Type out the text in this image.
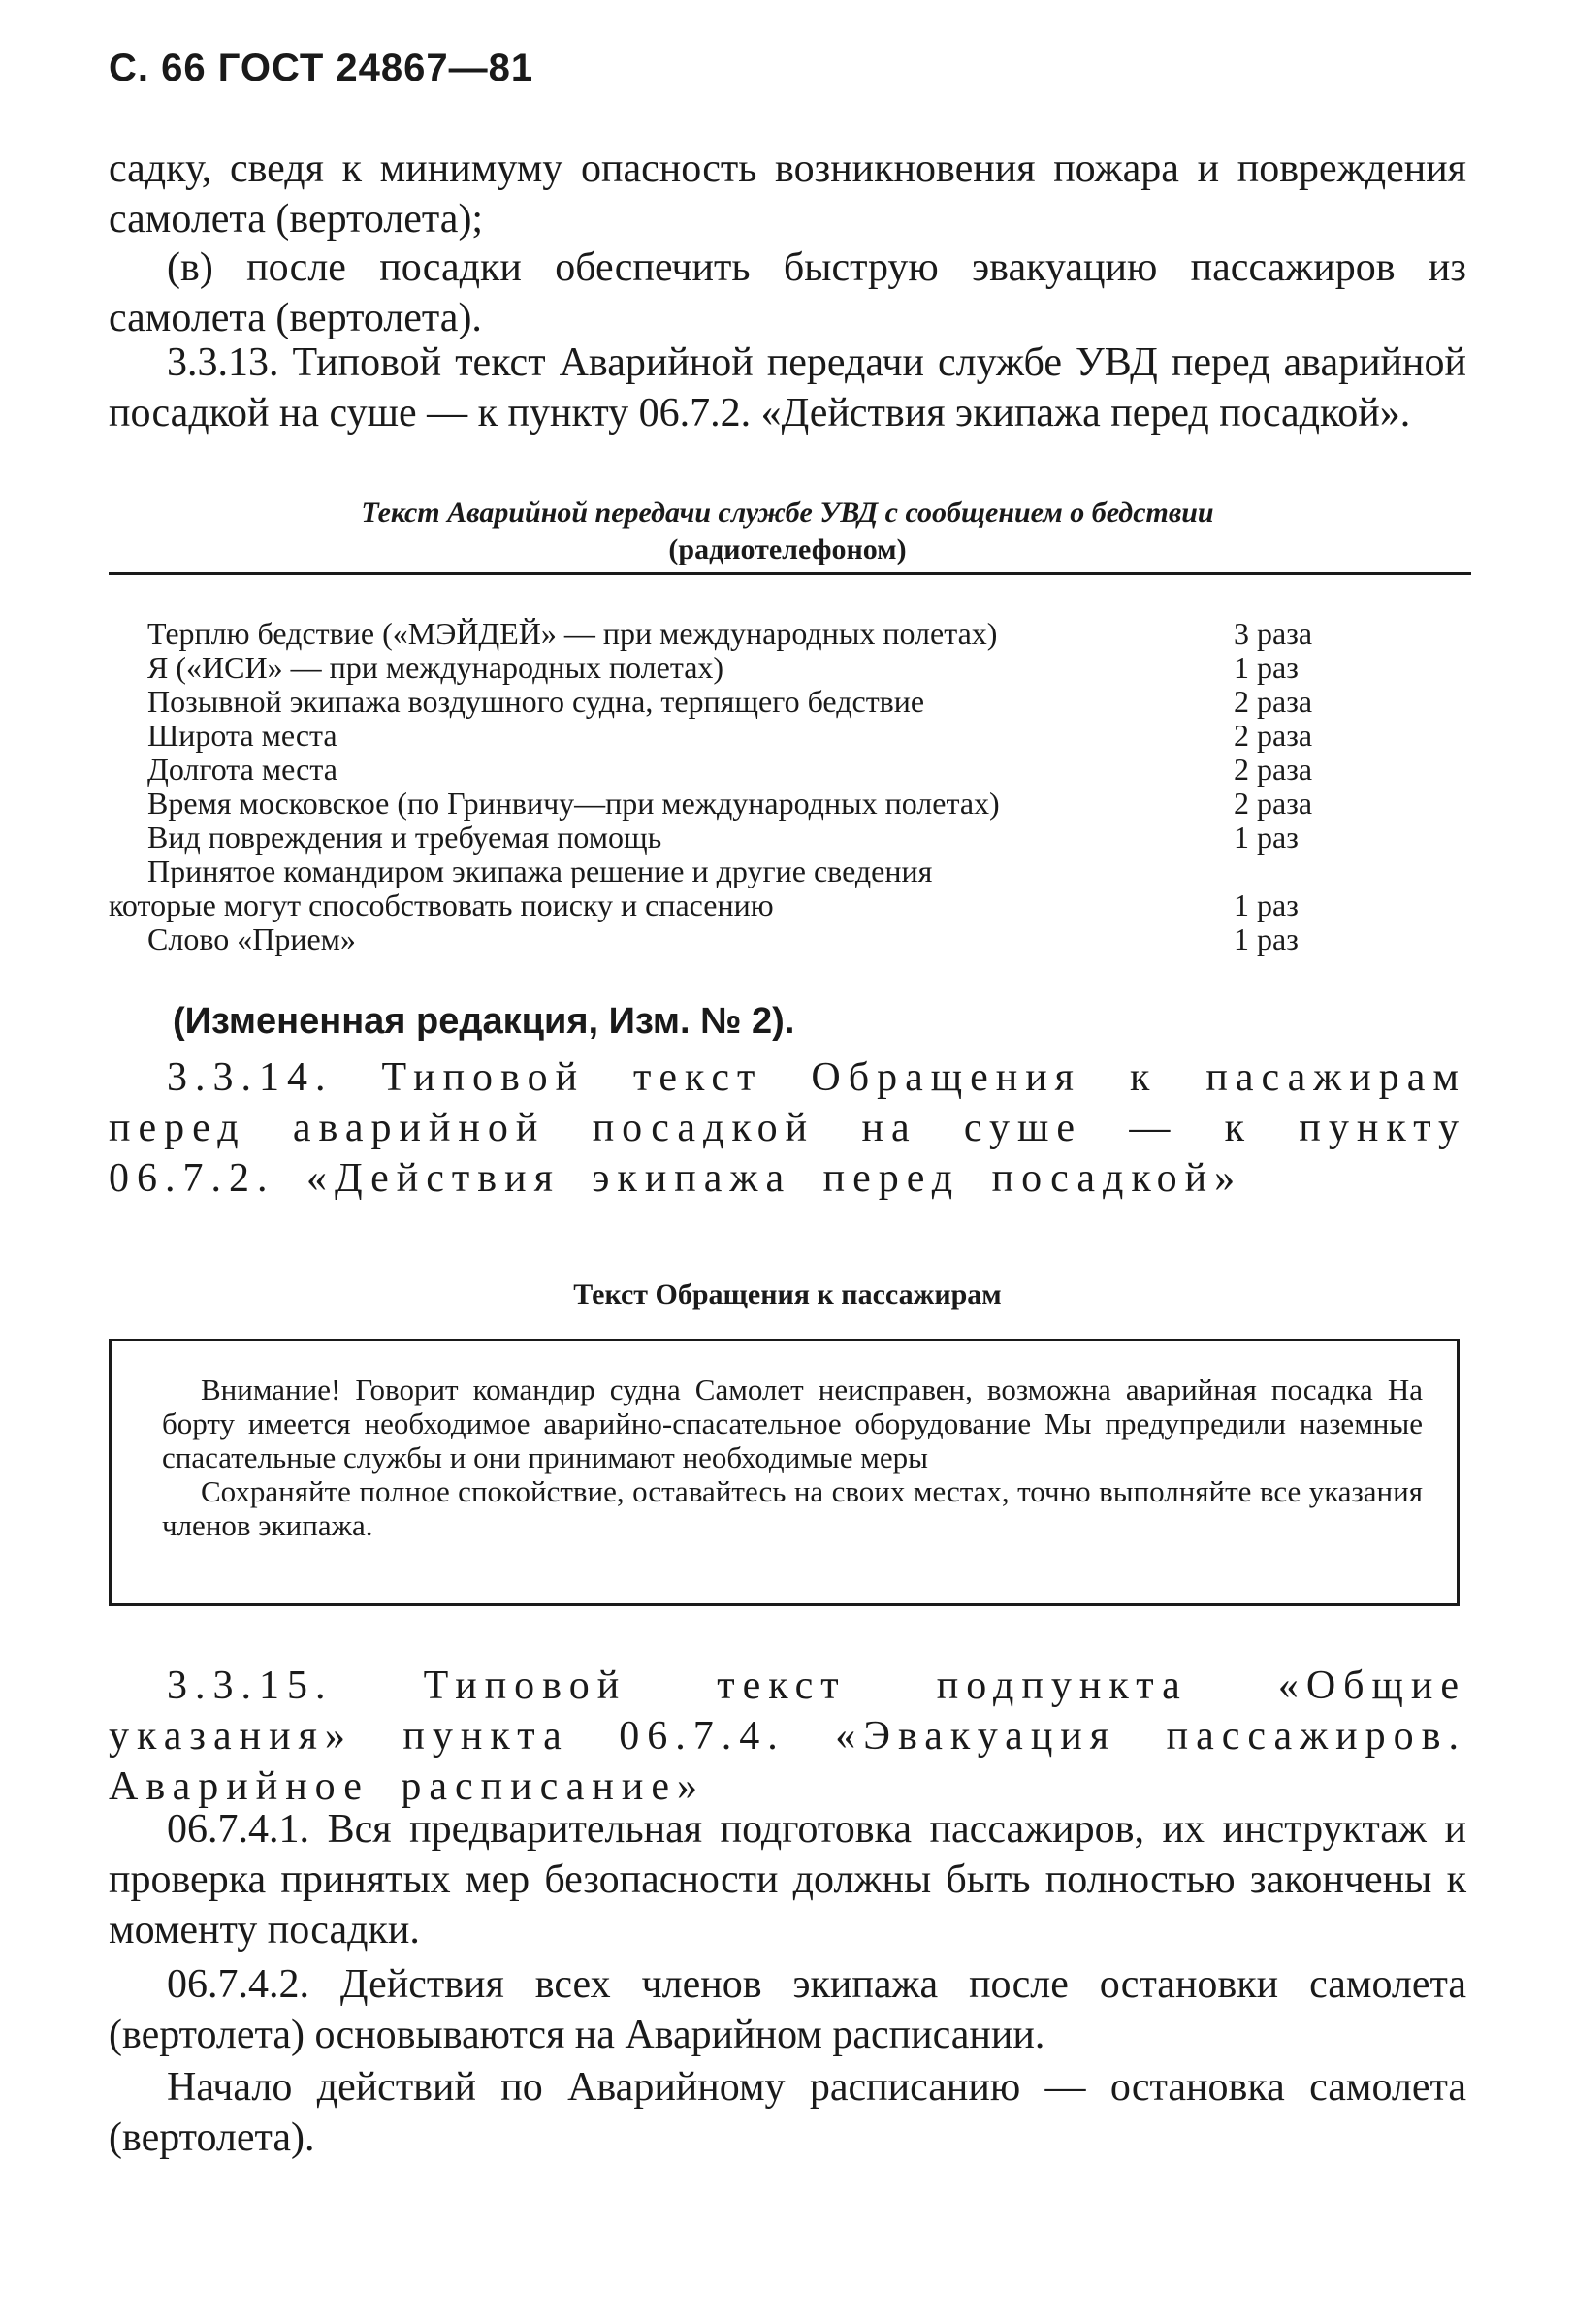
С. 66 ГОСТ 24867—81
садку, сведя к минимуму опасность возникновения пожара и повреждения самолета (вертолета);
(в) после посадки обеспечить быструю эвакуацию пассажиров из самолета (вертолета).
3.3.13. Типовой текст Аварийной передачи службе УВД перед аварийной посадкой на суше — к пункту 06.7.2. «Действия экипажа перед посадкой».
Текст Аварийной передачи службе УВД с сообщением о бедствии
(радиотелефоном)
Терплю бедствие («МЭЙДЕЙ» — при международных полетах)	3 раза
Я («ИСИ» — при международных полетах)	1 раз
Позывной экипажа воздушного судна, терпящего бедствие	2 раза
Широта места	2 раза
Долгота места	2 раза
Время московское (по Гринвичу—при международных полетах)	2 раза
Вид повреждения и требуемая помощь	1 раз
Принятое командиром экипажа решение и другие сведения	
которые могут способствовать поиску и спасению	1 раз
Слово «Прием»	1 раз
(Измененная редакция, Изм. № 2).
3.3.14. Типовой текст Обращения к пасажирам перед аварийной посадкой на суше — к пункту 06.7.2. «Действия экипажа перед посадкой»
Текст Обращения к пассажирам
Внимание! Говорит командир судна Самолет неисправен, возможна аварийная посадка На борту имеется необходимое аварийно-спасательное оборудование Мы предупредили наземные спасательные службы и они принимают необходимые меры
Сохраняйте полное спокойствие, оставайтесь на своих местах, точно выполняйте все указания членов экипажа.
3.3.15. Типовой текст подпункта «Общие указания» пункта 06.7.4. «Эвакуация пассажиров. Аварийное расписание»
06.7.4.1. Вся предварительная подготовка пассажиров, их инструктаж и проверка принятых мер безопасности должны быть полностью закончены к моменту посадки.
06.7.4.2. Действия всех членов экипажа после остановки самолета (вертолета) основываются на Аварийном расписании.
Начало действий по Аварийному расписанию — остановка самолета (вертолета).
